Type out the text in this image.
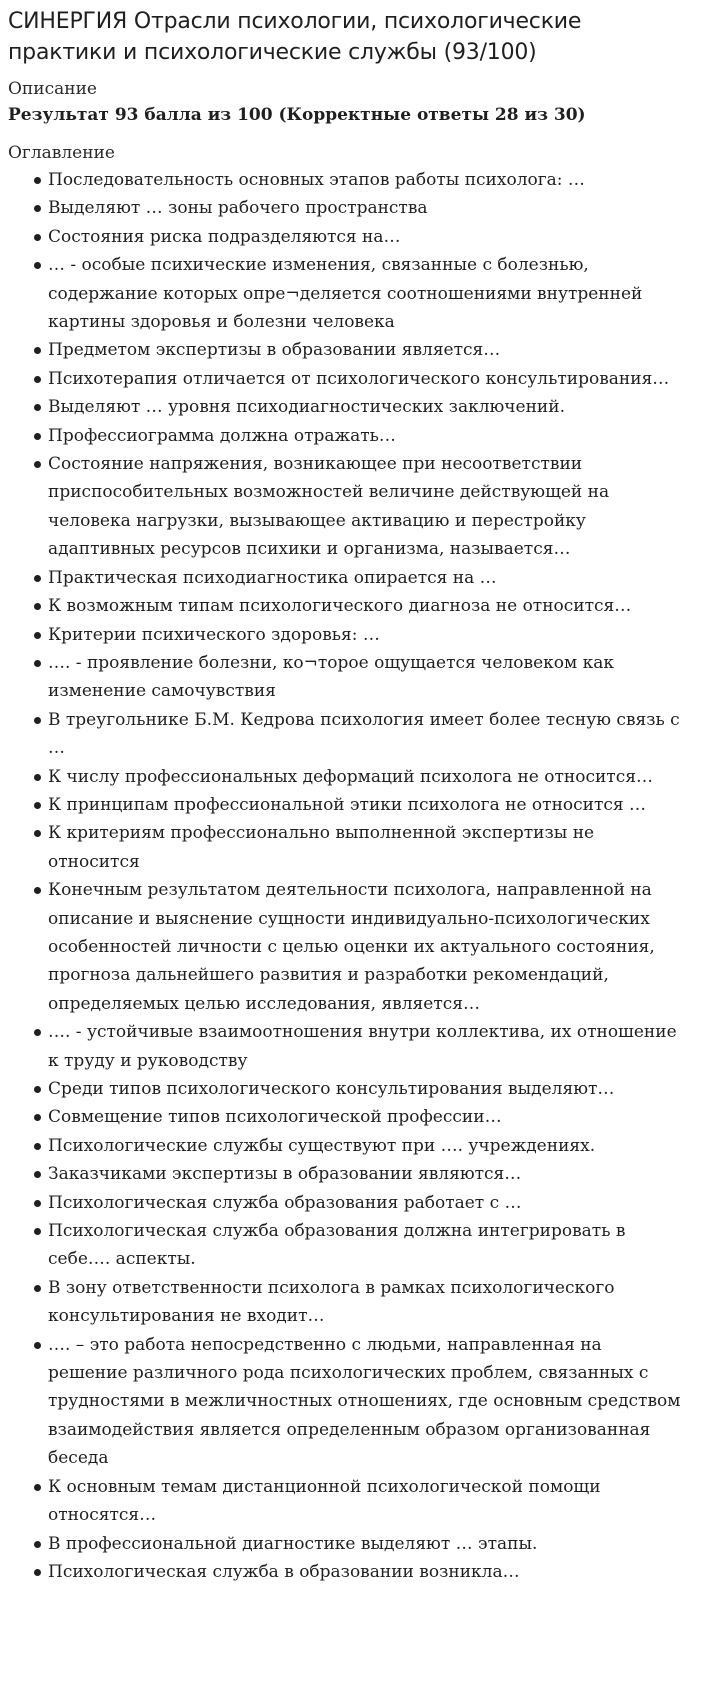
СИНЕРГИЯ Отрасли психологии, психологические практики и психологические службы (93/100)
Описание
Результат 93 балла из 100 (Корректные ответы 28 из 30)
Оглавление
Последовательность основных этапов работы психолога: …
Выделяют … зоны рабочего пространства
Состояния риска подразделяются на…
… - особые психические изменения, связанные с болезнью, содержание которых опре¬деляется соотношениями внутренней картины здоровья и болезни человека
Предметом экспертизы в образовании является…
Психотерапия отличается от психологического консультирования…
Выделяют … уровня психодиагностических заключений.
Профессиограмма должна отражать…
Состояние напряжения, возникающее при несоответствии приспособительных возможностей величине действующей на человека нагрузки, вызывающее активацию и перестройку адаптивных ресурсов психики и организма, называется…
Практическая психодиагностика опирается на …
К возможным типам психологического диагноза не относится…
Критерии психического здоровья: …
…. - проявление болезни, ко¬торое ощущается человеком как изменение самочувствия
В треугольнике Б.М. Кедрова психология имеет более тесную связь с …
К числу профессиональных деформаций психолога не относится…
К принципам профессиональной этики психолога не относится …
К критериям профессионально выполненной экспертизы не относится
Конечным результатом деятельности психолога, направленной на описание и выяснение сущности индивидуально-психологических особенностей личности с целью оценки их актуального состояния, прогноза дальнейшего развития и разработки рекомендаций, определяемых целью исследования, является…
…. - устойчивые взаимоотношения внутри коллектива, их отношение к труду и руководству
Среди типов психологического консультирования выделяют…
Совмещение типов психологической профессии…
Психологические службы существуют при …. учреждениях.
Заказчиками экспертизы в образовании являются…
Психологическая служба образования работает с …
Психологическая служба образования должна интегрировать в себе…. аспекты.
В зону ответственности психолога в рамках психологического консультирования не входит…
…. – это работа непосредственно с людьми, направленная на решение различного рода психологических проблем, связанных с трудностями в межличностных отношениях, где основным средством взаимодействия является определенным образом организованная беседа
К основным темам дистанционной психологической помощи относятся…
В профессиональной диагностике выделяют … этапы.
Психологическая служба в образовании возникла…
